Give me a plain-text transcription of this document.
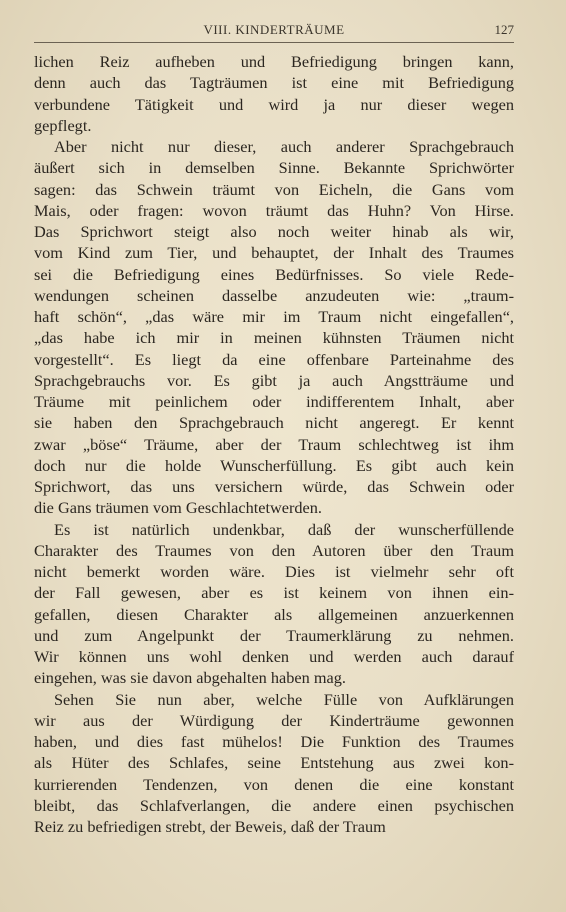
VIII. KINDERTRÄUME	127
lichen Reiz aufheben und Befriedigung bringen kann,
denn auch das Tagträumen ist eine mit Befriedigung
verbundene Tätigkeit und wird ja nur dieser wegen
gepflegt.
Aber nicht nur dieser, auch anderer Sprachgebrauch
äußert sich in demselben Sinne. Bekannte Sprichwörter
sagen: das Schwein träumt von Eicheln, die Gans vom
Mais, oder fragen: wovon träumt das Huhn? Von Hirse.
Das Sprichwort steigt also noch weiter hinab als wir,
vom Kind zum Tier, und behauptet, der Inhalt des Traumes
sei die Befriedigung eines Bedürfnisses. So viele Rede-
wendungen scheinen dasselbe anzudeuten wie: „traum-
haft schön“, „das wäre mir im Traum nicht eingefallen“,
„das habe ich mir in meinen kühnsten Träumen nicht
vorgestellt“. Es liegt da eine offenbare Parteinahme des
Sprachgebrauchs vor. Es gibt ja auch Angstträume und
Träume mit peinlichem oder indifferentem Inhalt, aber
sie haben den Sprachgebrauch nicht angeregt. Er kennt
zwar „böse“ Träume, aber der Traum schlechtweg ist ihm
doch nur die holde Wunscherfüllung. Es gibt auch kein
Sprichwort, das uns versichern würde, das Schwein oder
die Gans träumen vom Geschlachtetwerden.
Es ist natürlich undenkbar, daß der wunscherfüllende
Charakter des Traumes von den Autoren über den Traum
nicht bemerkt worden wäre. Dies ist vielmehr sehr oft
der Fall gewesen, aber es ist keinem von ihnen ein-
gefallen, diesen Charakter als allgemeinen anzuerkennen
und zum Angelpunkt der Traumerklärung zu nehmen.
Wir können uns wohl denken und werden auch darauf
eingehen, was sie davon abgehalten haben mag.
Sehen Sie nun aber, welche Fülle von Aufklärungen
wir aus der Würdigung der Kinderträume gewonnen
haben, und dies fast mühelos! Die Funktion des Traumes
als Hüter des Schlafes, seine Entstehung aus zwei kon-
kurrierenden Tendenzen, von denen die eine konstant
bleibt, das Schlafverlangen, die andere einen psychischen
Reiz zu befriedigen strebt, der Beweis, daß der Traum
